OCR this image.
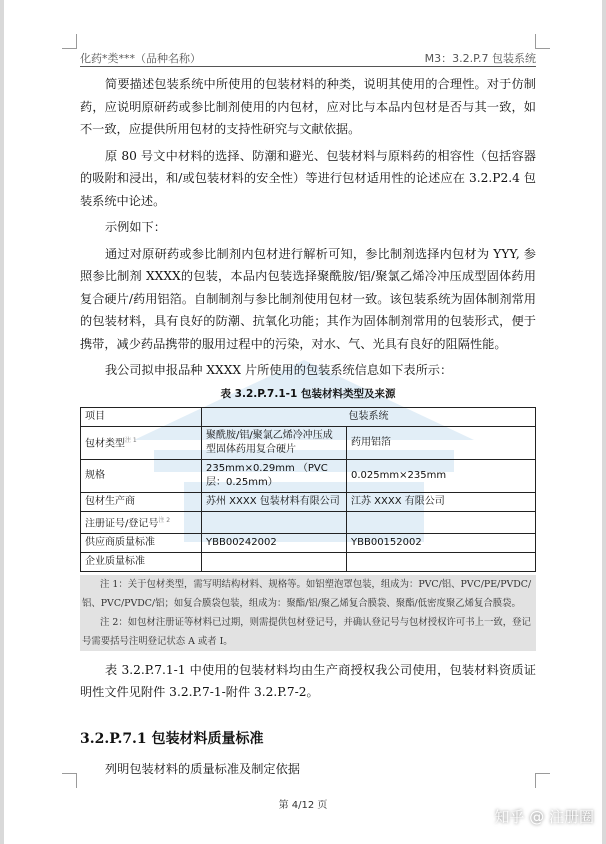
化药*类***（品种名称）	M3：3.2.P.7 包装系统

简要描述包装系统中所使用的包装材料的种类，说明其使用的合理性。对于仿制药，应说明原研药或参比制剂使用的内包材，应对比与本品内包材是否与其一致，如不一致，应提供所用包材的支持性研究与文献依据。

原 80 号文中材料的选择、防潮和避光、包装材料与原料药的相容性（包括容器的吸附和浸出，和/或包装材料的安全性）等进行包材适用性的论述应在 3.2.P2.4 包装系统中论述。

示例如下：

通过对原研药或参比制剂内包材进行解析可知，参比制剂选择内包材为 YYY, 参照参比制剂 XXXX的包装，本品内包装选择聚酰胺/铝/聚氯乙烯冷冲压成型固体药用复合硬片/药用铝箔。自制制剂与参比制剂使用包材一致。该包装系统为固体制剂常用的包装材料，具有良好的防潮、抗氧化功能；其作为固体制剂常用的包装形式，便于携带，减少药品携带的服用过程中的污染，对水、气、光具有良好的阻隔性能。

我公司拟申报品种 XXXX 片所使用的包装系统信息如下表所示：

表 3.2.P.7.1-1 包装材料类型及来源
项目	包装系统	
包材类型$^{注 1}$	聚酰胺/铝/聚氯乙烯冷冲压成型固体药用复合硬片	药用铝箔
规格	235mm×0.29mm （PVC 层：0.25mm）	0.025mm×235mm
包材生产商	苏州 XXXX 包装材料有限公司	江苏 XXXX 有限公司
注册证号/登记号$^{注 2}$		
供应商质量标准	YBB00242002	YBB00152002
企业质量标准		

注 1：关于包材类型，需写明结构材料、规格等。如铝塑泡罩包装，组成为：PVC/铝、PVC/PE/PVDC/铝、PVC/PVDC/铝；如复合膜袋包装，组成为：聚酯/铝/聚乙烯复合膜袋、聚酯/低密度聚乙烯复合膜袋。

注 2：如包材注册证等材料已过期，则需提供包材登记号，并确认登记号与包材授权许可书上一致，登记号需要括号注明登记状态 A 或者 I。

表 3.2.P.7.1-1 中使用的包装材料均由生产商授权我公司使用，包装材料资质证明性文件见附件 3.2.P.7-1-附件 3.2.P.7-2。

3.2.P.7.1 包装材料质量标准

列明包装材料的质量标准及制定依据

第 4/12 页
知乎 @ 注册圈
